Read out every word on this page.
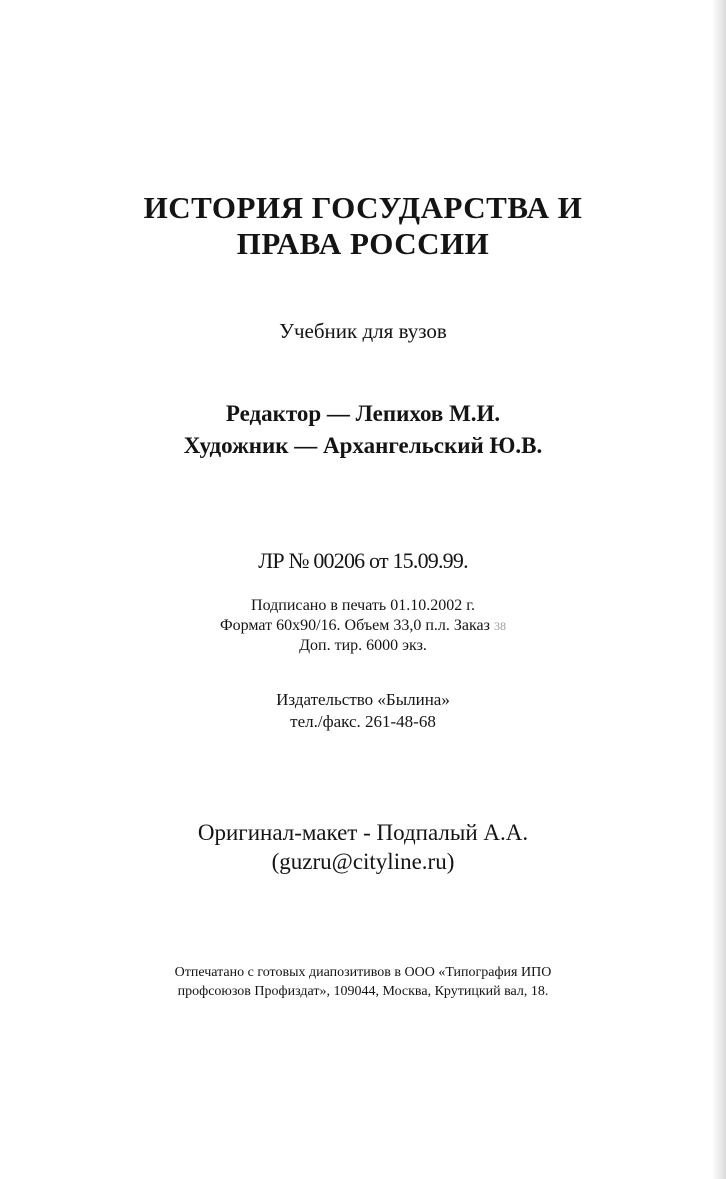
ИСТОРИЯ ГОСУДАРСТВА И
ПРАВА РОССИИ
Учебник для вузов
Редактор — Лепихов М.И.
Художник — Архангельский Ю.В.
ЛР № 00206 от 15.09.99.
Подписано в печать 01.10.2002 г.
Формат 60x90/16. Объем 33,0 п.л. Заказ 38
Доп. тир. 6000 экз.
Издательство «Былина»
тел./факс. 261-48-68
Оригинал-макет - Подпалый А.А.
(guzru@cityline.ru)
Отпечатано с готовых диапозитивов в ООО «Типография ИПО
профсоюзов Профиздат», 109044, Москва, Крутицкий вал, 18.
